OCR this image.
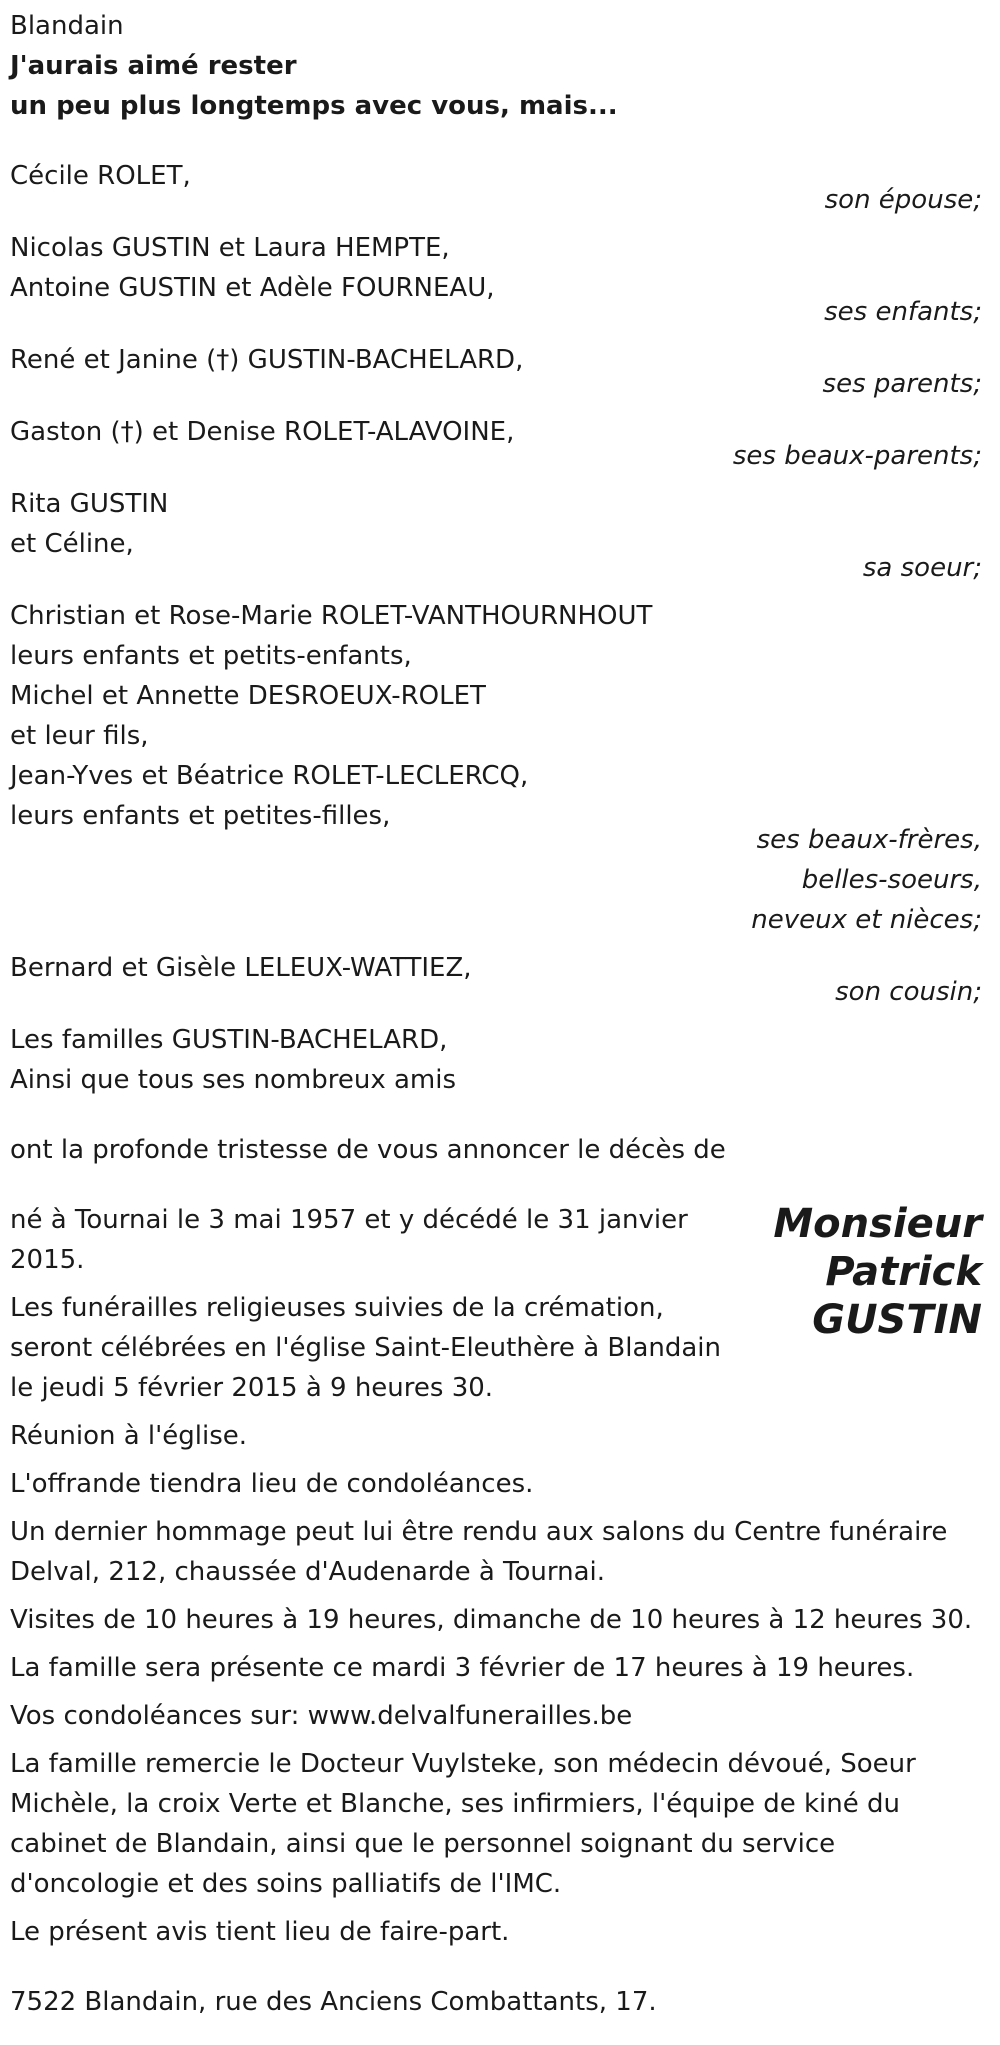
Blandain
J'aurais aimé rester
un peu plus longtemps avec vous, mais...
Cécile ROLET,
son épouse;
Nicolas GUSTIN et Laura HEMPTE,
Antoine GUSTIN et Adèle FOURNEAU,
ses enfants;
René et Janine (†) GUSTIN-BACHELARD,
ses parents;
Gaston (†) et Denise ROLET-ALAVOINE,
ses beaux-parents;
Rita GUSTIN
et Céline,
sa soeur;
Christian et Rose-Marie ROLET-VANTHOURNHOUT
leurs enfants et petits-enfants,
Michel et Annette DESROEUX-ROLET
et leur fils,
Jean-Yves et Béatrice ROLET-LECLERCQ,
leurs enfants et petites-filles,
ses beaux-frères,
belles-soeurs,
neveux et nièces;
Bernard et Gisèle LELEUX-WATTIEZ,
son cousin;
Les familles GUSTIN-BACHELARD,
Ainsi que tous ses nombreux amis
ont la profonde tristesse de vous annoncer le décès de
Monsieur
Patrick
GUSTIN
né à Tournai le 3 mai 1957 et y décédé le 31 janvier 2015.
Les funérailles religieuses suivies de la crémation, seront célébrées en l'église Saint-Eleuthère à Blandain le jeudi 5 février 2015 à 9 heures 30.
Réunion à l'église.
L'offrande tiendra lieu de condoléances.
Un dernier hommage peut lui être rendu aux salons du Centre funéraire Delval, 212, chaussée d'Audenarde à Tournai.
Visites de 10 heures à 19 heures, dimanche de 10 heures à 12 heures 30.
La famille sera présente ce mardi 3 février de 17 heures à 19 heures.
Vos condoléances sur: www.delvalfunerailles.be
La famille remercie le Docteur Vuylsteke, son médecin dévoué, Soeur Michèle, la croix Verte et Blanche, ses infirmiers, l'équipe de kiné du cabinet de Blandain, ainsi que le personnel soignant du service d'oncologie et des soins palliatifs de l'IMC.
Le présent avis tient lieu de faire-part.
7522 Blandain, rue des Anciens Combattants, 17.
